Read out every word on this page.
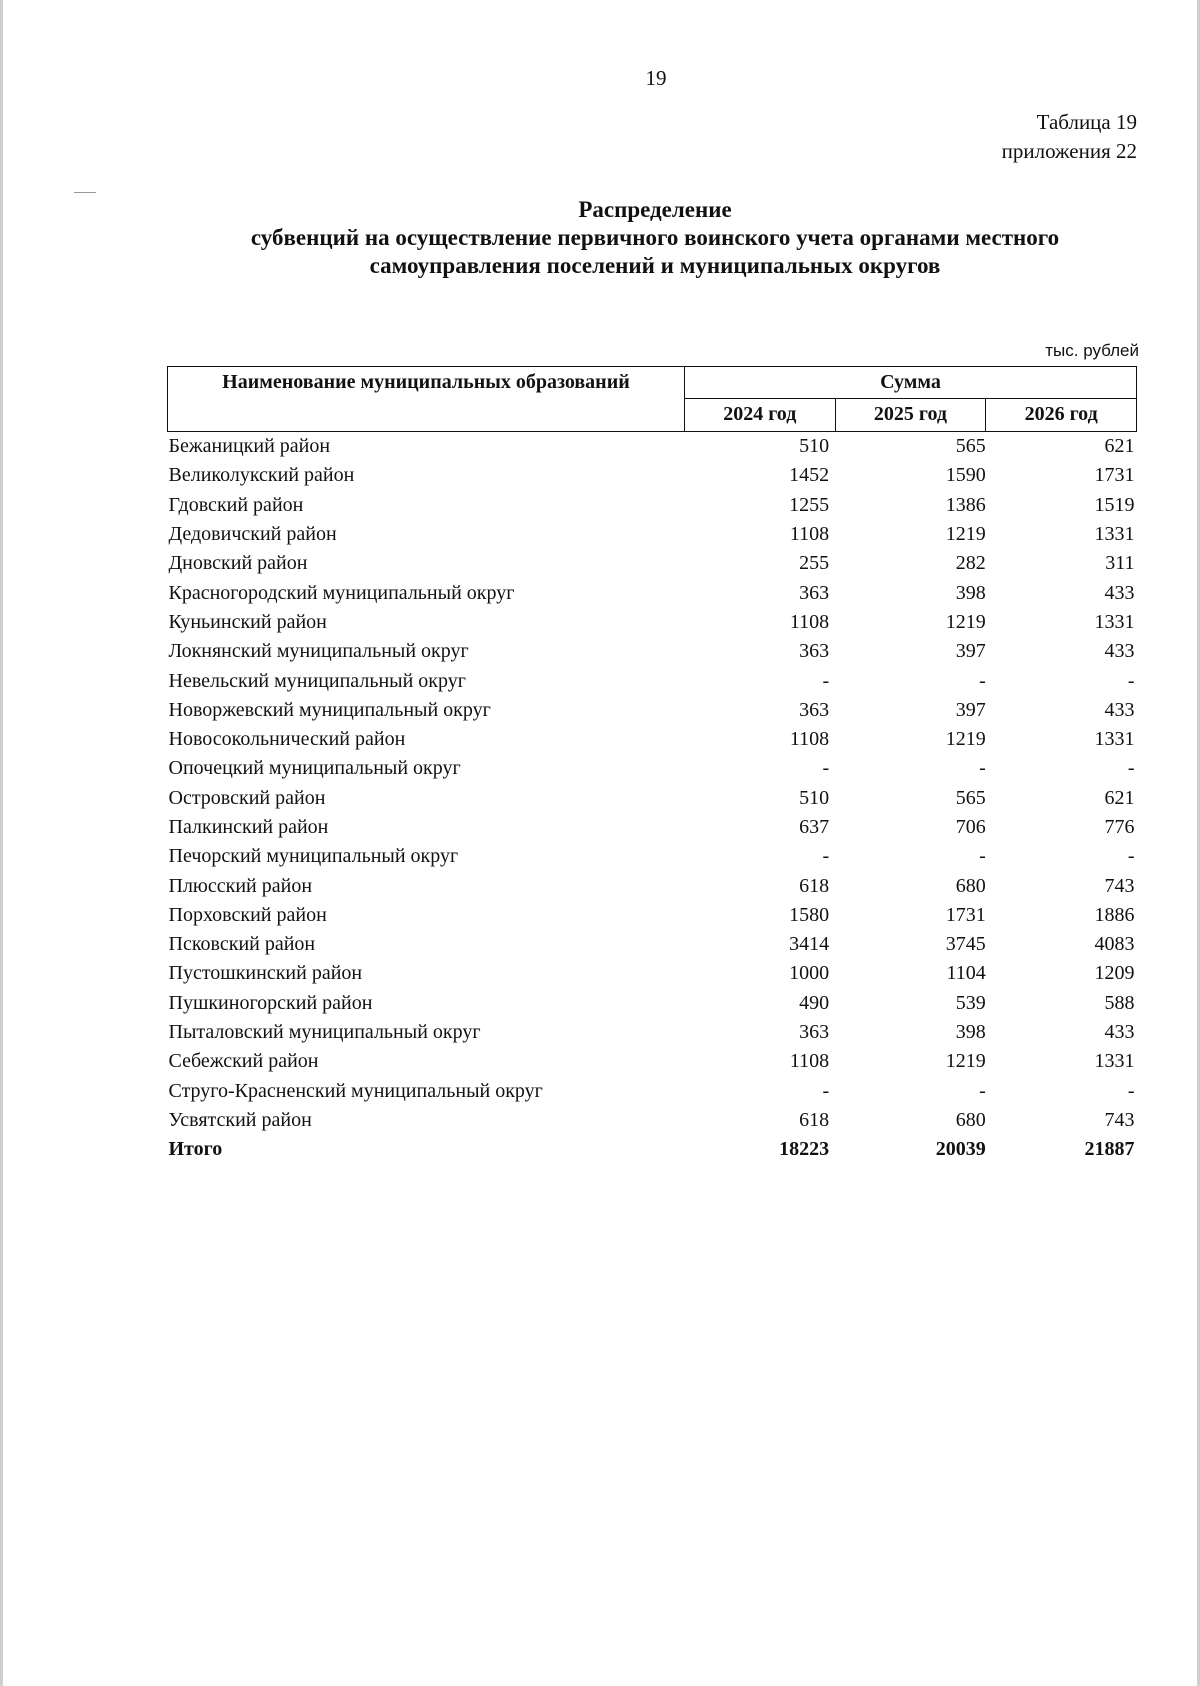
19
Таблица 19
приложения 22
Распределение
субвенций на осуществление первичного воинского учета органами местного
самоуправления поселений и муниципальных округов
тыс. рублей
Наименование муниципальных образований	Сумма		
	2024 год	2025 год	2026 год
Бежаницкий район	510	565	621
Великолукский район	1452	1590	1731
Гдовский район	1255	1386	1519
Дедовичский район	1108	1219	1331
Дновский район	255	282	311
Красногородский муниципальный округ	363	398	433
Куньинский район	1108	1219	1331
Локнянский муниципальный округ	363	397	433
Невельский муниципальный округ	-	-	-
Новоржевский муниципальный округ	363	397	433
Новосокольнический район	1108	1219	1331
Опочецкий муниципальный округ	-	-	-
Островский район	510	565	621
Палкинский район	637	706	776
Печорский муниципальный округ	-	-	-
Плюсский район	618	680	743
Порховский район	1580	1731	1886
Псковский район	3414	3745	4083
Пустошкинский район	1000	1104	1209
Пушкиногорский район	490	539	588
Пыталовский муниципальный округ	363	398	433
Себежский район	1108	1219	1331
Струго-Красненский муниципальный округ	-	-	-
Усвятский район	618	680	743
Итого	18223	20039	21887
